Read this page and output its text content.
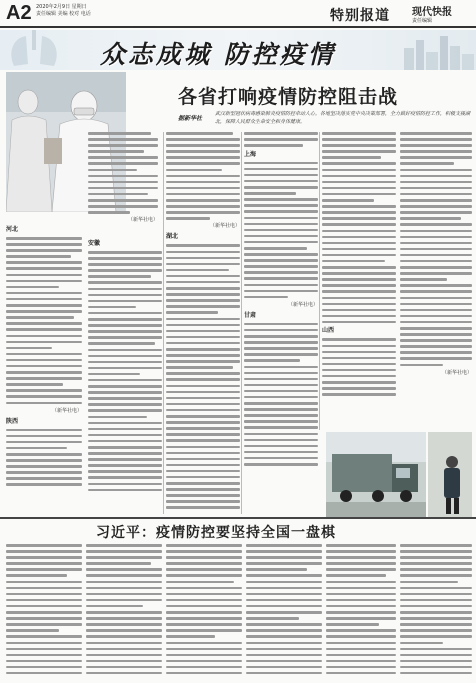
A2 2020年2月9日 星期日
责任编辑 美编 校对 电话	特别报道 现代快报
责任编辑
众志成城 防控疫情
各省打响疫情防控阻击战
据新华社
武汉新型冠状病毒感染肺炎疫情防控牵动人心。各地坚决落实党中央决策部署，全力做好疫情防控工作，积极支援湖北，保障人民群众生命安全和身体健康。
（新华社电）
河北
（新华社电）
陕西
安徽
（新华社电）
湖北
上海
（新华社电）
甘肃
山西
（新华社电）
习近平：疫情防控要坚持全国一盘棋
